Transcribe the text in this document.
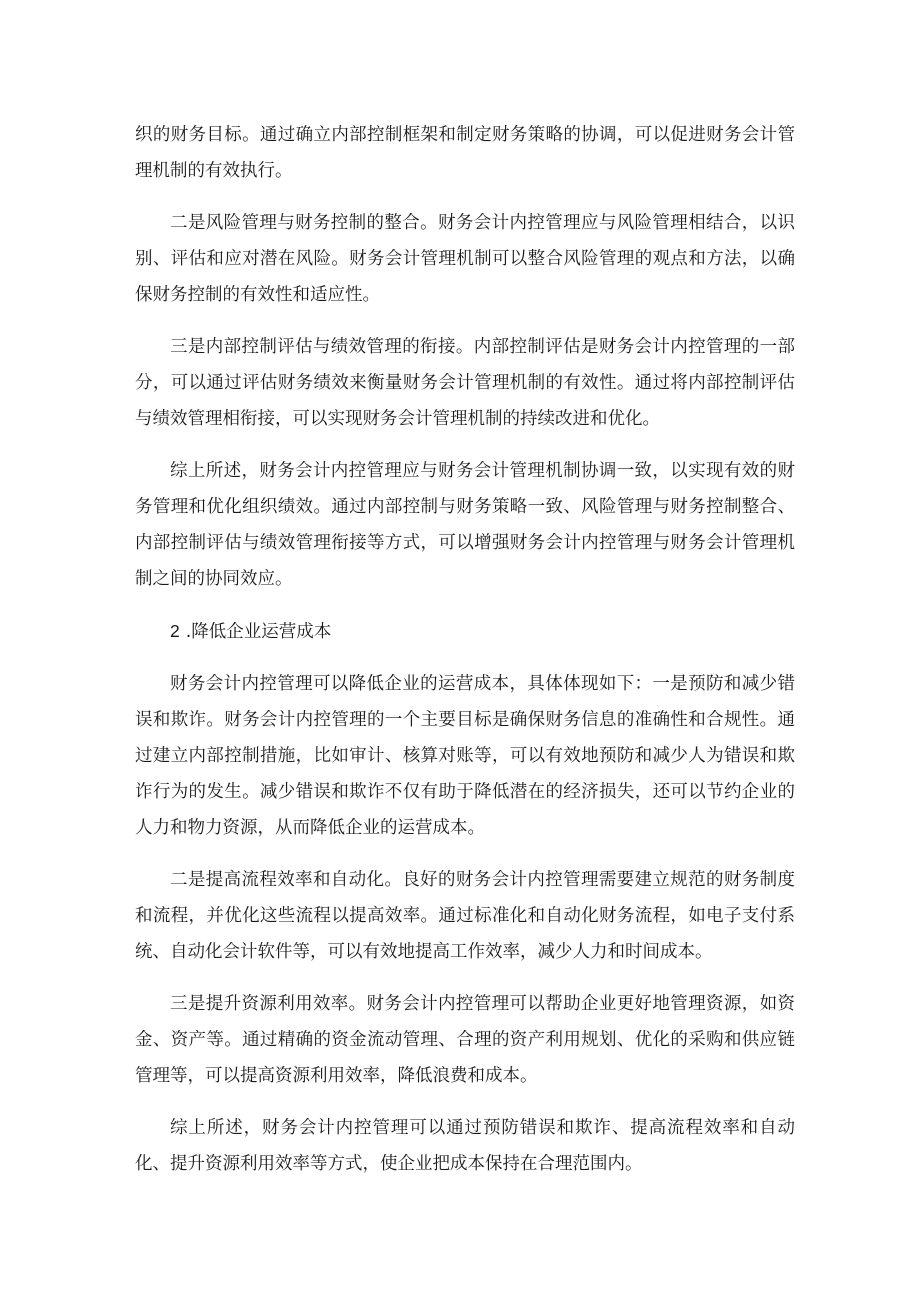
织的财务目标。通过确立内部控制框架和制定财务策略的协调，可以促进财务会计管理机制的有效执行。

二是风险管理与财务控制的整合。财务会计内控管理应与风险管理相结合，以识别、评估和应对潜在风险。财务会计管理机制可以整合风险管理的观点和方法，以确保财务控制的有效性和适应性。

三是内部控制评估与绩效管理的衔接。内部控制评估是财务会计内控管理的一部分，可以通过评估财务绩效来衡量财务会计管理机制的有效性。通过将内部控制评估与绩效管理相衔接，可以实现财务会计管理机制的持续改进和优化。

综上所述，财务会计内控管理应与财务会计管理机制协调一致，以实现有效的财务管理和优化组织绩效。通过内部控制与财务策略一致、风险管理与财务控制整合、内部控制评估与绩效管理衔接等方式，可以增强财务会计内控管理与财务会计管理机制之间的协同效应。

2 .降低企业运营成本

财务会计内控管理可以降低企业的运营成本，具体体现如下：一是预防和减少错误和欺诈。财务会计内控管理的一个主要目标是确保财务信息的准确性和合规性。通过建立内部控制措施，比如审计、核算对账等，可以有效地预防和减少人为错误和欺诈行为的发生。减少错误和欺诈不仅有助于降低潜在的经济损失，还可以节约企业的人力和物力资源，从而降低企业的运营成本。

二是提高流程效率和自动化。良好的财务会计内控管理需要建立规范的财务制度和流程，并优化这些流程以提高效率。通过标准化和自动化财务流程，如电子支付系统、自动化会计软件等，可以有效地提高工作效率，减少人力和时间成本。

三是提升资源利用效率。财务会计内控管理可以帮助企业更好地管理资源，如资金、资产等。通过精确的资金流动管理、合理的资产利用规划、优化的采购和供应链管理等，可以提高资源利用效率，降低浪费和成本。

综上所述，财务会计内控管理可以通过预防错误和欺诈、提高流程效率和自动化、提升资源利用效率等方式，使企业把成本保持在合理范围内。
